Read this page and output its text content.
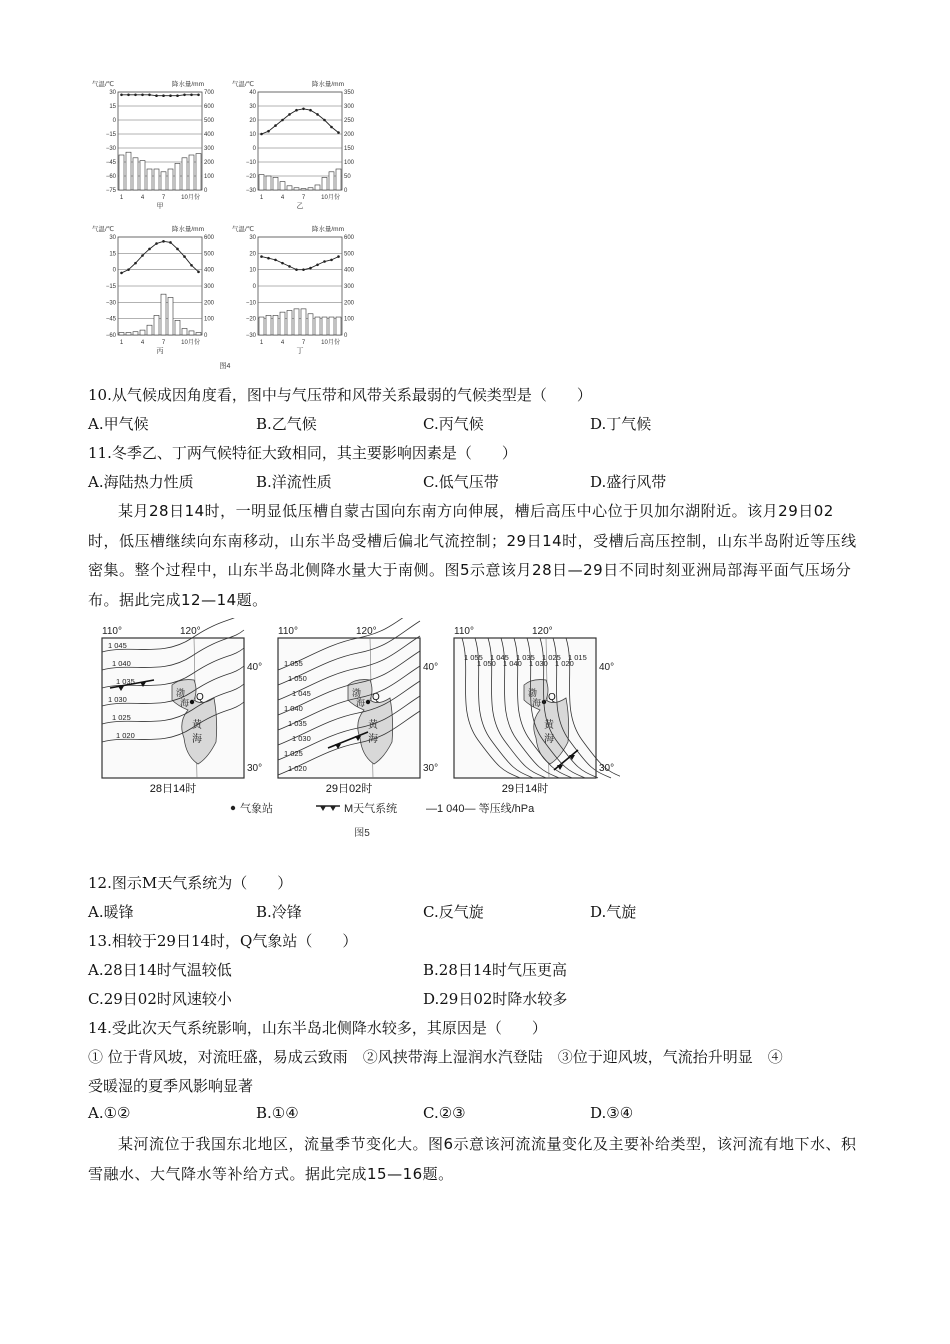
气温/℃	降水量/mm
30	700
15	600
0	500
−15	400
−30	300
−45	200
−60	100
−75	0
1	4	7	10 月份
甲
气温/℃	降水量/mm
40	350
30	300
20	250
10	200
0	150
−10	100
−20	50
−30	0
1	4	7	10 月份
乙
气温/℃	降水量/mm
30	600
15	500
0	400
−15	300
−30	200
−45	100
−60	0
1	4	7	10 月份
丙
气温/℃	降水量/mm
30	600
20	500
10	400
0	300
−10	200
−20	100
−30	0
1	4	7	10 月份
丁
图4
10.从气候成因角度看，图中与气压带和风带关系最弱的气候类型是（　　）
A.甲气候	B.乙气候	C.丙气候	D.丁气候
11.冬季乙、丁两气候特征大致相同，其主要影响因素是（　　）
A.海陆热力性质	B.洋流性质	C.低气压带	D.盛行风带
某月28日14时，一明显低压槽自蒙古国向东南方向伸展，槽后高压中心位于贝加尔湖附近。该月29日02时，低压槽继续向东南移动，山东半岛受槽后偏北气流控制；29日14时，受槽后高压控制，山东半岛附近等压线密集。整个过程中，山东半岛北侧降水量大于南侧。图5示意该月28日—29日不同时刻亚洲局部海平面气压场分布。据此完成12—14题。
110°	120°
40°
30°
渤
海
黄
海
Q
1 045
1 040
1 035
1 030
1 025
1 020
28日14时
110°	120°
40°
30°
渤
海
黄
海
Q
1 055
1 050
1 045
1 040
1 035
1 030
1 025
1 020
29日02时
110°	120°
40°
30°
渤
海
黄
海
Q
1 055
1 050
1 045
1 040
1 035
1 030
1 025
1 020
1 015
29日14时
气象站	M天气系统	—1 040— 等压线/hPa
图5
12.图示M天气系统为（　　）
A.暖锋	B.冷锋	C.反气旋	D.气旋
13.相较于29日14时，Q气象站（　　）
A.28日14时气温较低	B.28日14时气压更高
C.29日02时风速较小	D.29日02时降水较多
14.受此次天气系统影响，山东半岛北侧降水较多，其原因是（　　）
① 位于背风坡，对流旺盛，易成云致雨　②风挟带海上湿润水汽登陆　③位于迎风坡，气流抬升明显　④
受暖湿的夏季风影响显著
A.①②	B.①④	C.②③	D.③④
某河流位于我国东北地区，流量季节变化大。图6示意该河流流量变化及主要补给类型，该河流有地下水、积雪融水、大气降水等补给方式。据此完成15—16题。
